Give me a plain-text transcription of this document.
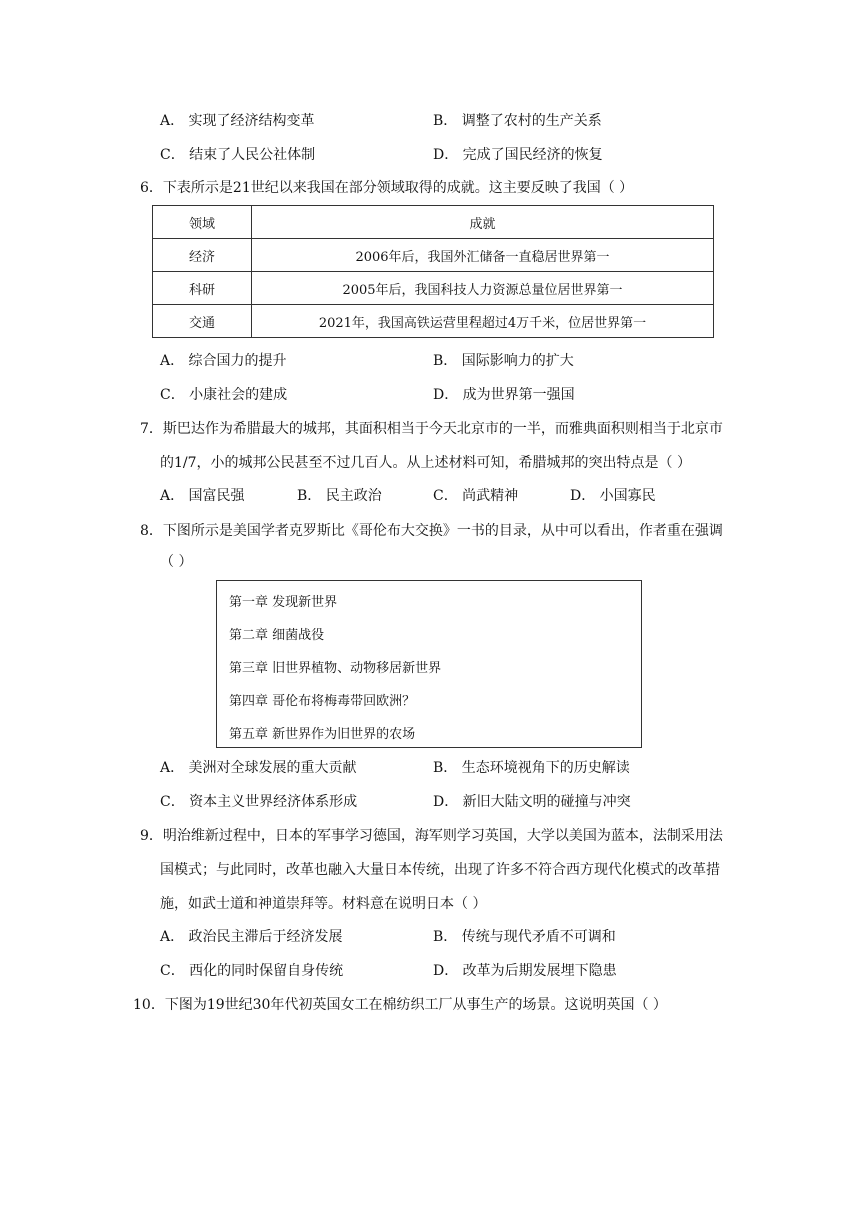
A． 实现了经济结构变革	B． 调整了农村的生产关系
C． 结束了人民公社体制	D． 完成了国民经济的恢复
6．下表所示是21世纪以来我国在部分领域取得的成就。这主要反映了我国（ ）
领域	成就
经济	2006年后，我国外汇储备一直稳居世界第一
科研	2005年后，我国科技人力资源总量位居世界第一
交通	2021年，我国高铁运营里程超过4万千米，位居世界第一
A． 综合国力的提升	B． 国际影响力的扩大
C． 小康社会的建成	D． 成为世界第一强国
7．斯巴达作为希腊最大的城邦，其面积相当于今天北京市的一半，而雅典面积则相当于北京市
的1/7，小的城邦公民甚至不过几百人。从上述材料可知，希腊城邦的突出特点是（ ）
A． 国富民强	B． 民主政治	C． 尚武精神	D． 小国寡民
8．下图所示是美国学者克罗斯比《哥伦布大交换》一书的目录，从中可以看出，作者重在强调
（ ）
第一章 发现新世界
第二章 细菌战役
第三章 旧世界植物、动物移居新世界
第四章 哥伦布将梅毒带回欧洲？
第五章 新世界作为旧世界的农场
A． 美洲对全球发展的重大贡献	B． 生态环境视角下的历史解读
C． 资本主义世界经济体系形成	D． 新旧大陆文明的碰撞与冲突
9．明治维新过程中，日本的军事学习德国，海军则学习英国，大学以美国为蓝本，法制采用法
国模式；与此同时，改革也融入大量日本传统，出现了许多不符合西方现代化模式的改革措
施，如武士道和神道崇拜等。材料意在说明日本（ ）
A． 政治民主滞后于经济发展	B． 传统与现代矛盾不可调和
C． 西化的同时保留自身传统	D． 改革为后期发展埋下隐患
10．下图为19世纪30年代初英国女工在棉纺织工厂从事生产的场景。这说明英国（ ）
